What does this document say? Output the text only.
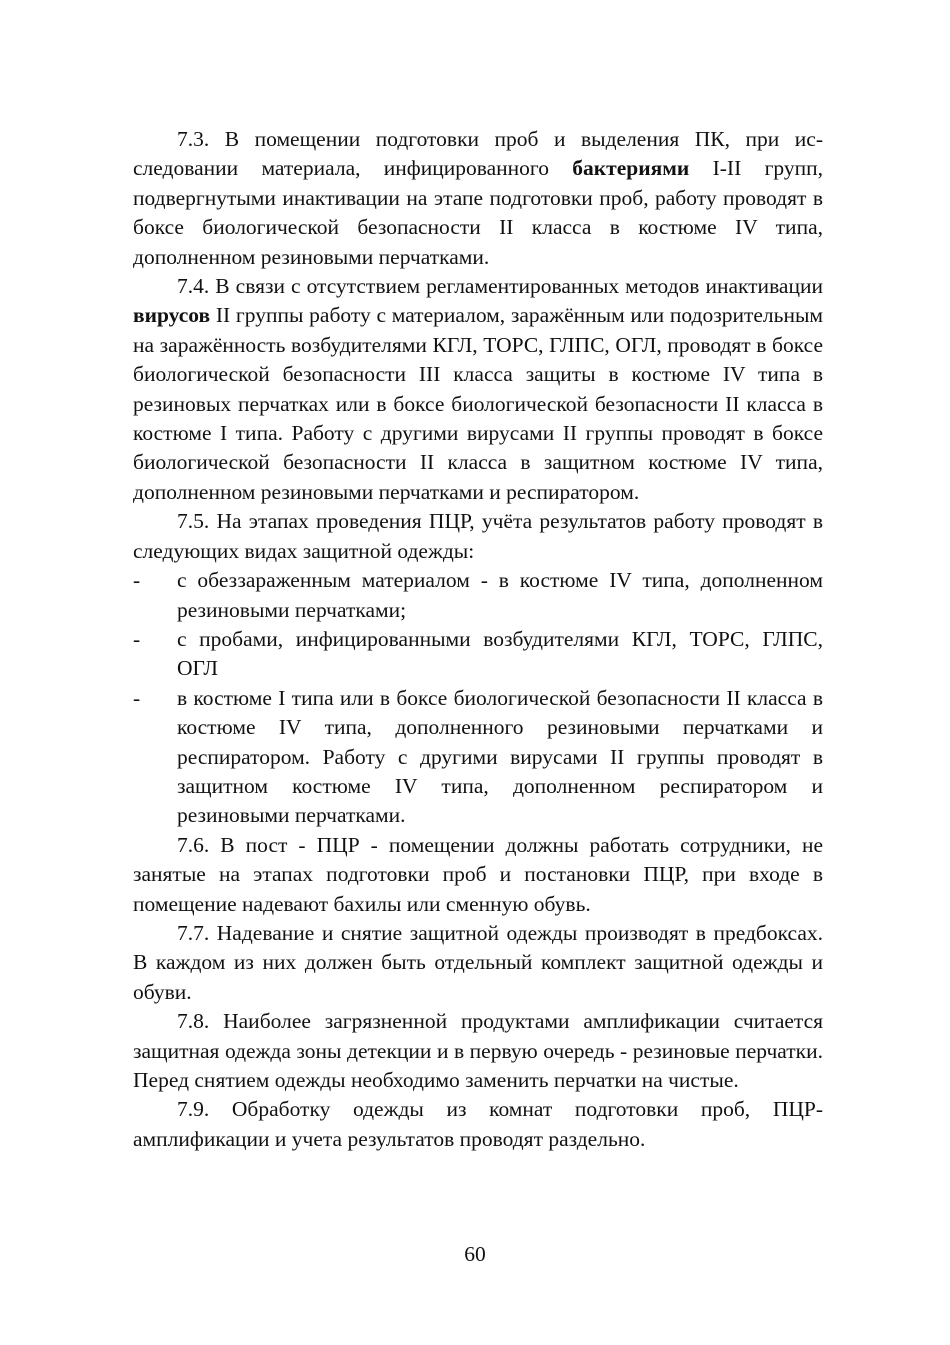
7.3. В помещении подготовки проб и выделения ПК, при исследовании материала, инфицированного бактериями I-II групп, подвергнутыми инактивации на этапе подготовки проб, работу проводят в боксе биологической безопасности II класса в костюме IV типа, дополненном резиновыми перчатками.

7.4. В связи с отсутствием регламентированных методов инактивации вирусов II группы работу с материалом, заражённым или подозрительным на заражённость возбудителями КГЛ, ТОРС, ГЛПС, ОГЛ, проводят в боксе биологической безопасности III класса защиты в костюме IV типа в резиновых перчатках или в боксе биологической безопасности II класса в костюме I типа. Работу с другими вирусами II группы проводят в боксе биологической безопасности II класса в защитном костюме IV типа, дополненном резиновыми перчатками и респиратором.

7.5. На этапах проведения ПЦР, учёта результатов работу проводят в следующих видах защитной одежды:

- с обеззараженным материалом - в костюме IV типа, дополненном резиновыми перчатками;
- с пробами, инфицированными возбудителями КГЛ, ТОРС, ГЛПС, ОГЛ
- в костюме I типа или в боксе биологической безопасности II класса в костюме IV типа, дополненного резиновыми перчатками и респиратором. Работу с другими вирусами II группы проводят в защитном костюме IV типа, дополненном респиратором и резиновыми перчатками.

7.6. В пост - ПЦР - помещении должны работать сотрудники, не занятые на этапах подготовки проб и постановки ПЦР, при входе в помещение надевают бахилы или сменную обувь.

7.7. Надевание и снятие защитной одежды производят в предбоксах. В каждом из них должен быть отдельный комплект защитной одежды и обуви.

7.8. Наиболее загрязненной продуктами амплификации считается защитная одежда зоны детекции и в первую очередь - резиновые перчатки. Перед снятием одежды необходимо заменить перчатки на чистые.

7.9. Обработку одежды из комнат подготовки проб, ПЦР-амплификации и учета результатов проводят раздельно.

60
